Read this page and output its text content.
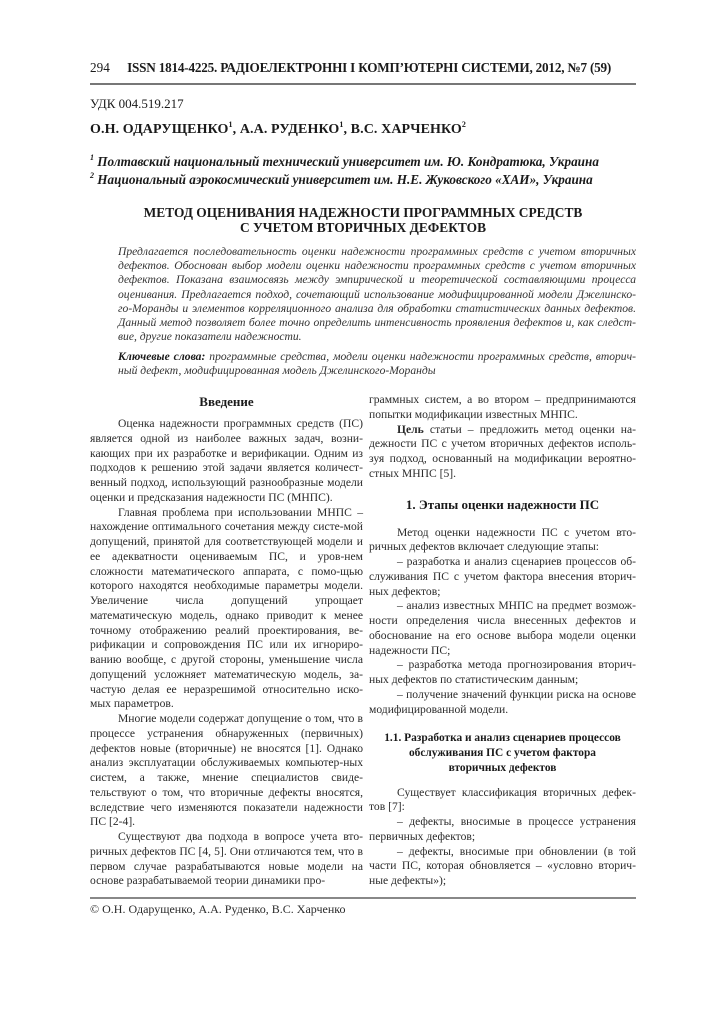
294 ISSN 1814-4225. РАДІОЕЛЕКТРОННІ І КОМП’ЮТЕРНІ СИСТЕМИ, 2012, №7 (59)
УДК 004.519.217
О.Н. ОДАРУЩЕНКО$^1$, А.А. РУДЕНКО$^1$, В.С. ХАРЧЕНКО$^2$
$^1$ Полтавский национальный технический университет им. Ю. Кондратюка, Украина
$^2$ Национальный аэрокосмический университет им. Н.Е. Жуковского «ХАИ», Украина
МЕТОД ОЦЕНИВАНИЯ НАДЕЖНОСТИ ПРОГРАММНЫХ СРЕДСТВ
С УЧЕТОМ ВТОРИЧНЫХ ДЕФЕКТОВ
Предлагается последовательность оценки надежности программных средств с учетом вторичных дефектов. Обоснован выбор модели оценки надежности программных средств с учетом вторичных дефектов. Показана взаимосвязь между эмпирической и теоретической составляющими процесса оценивания. Предлагается подход, сочетающий использование модифицированной модели Джелинско-го-Моранды и элементов корреляционного анализа для обработки статистических данных дефектов. Данный метод позволяет более точно определить интенсивность проявления дефектов и, как следст-вие, другие показатели надежности.
Ключевые слова: программные средства, модели оценки надежности программных средств, вторич-ный дефект, модифицированная модель Джелинского-Моранды
Введение

Оценка надежности программных средств (ПС) является одной из наиболее важных задач, возни-кающих при их разработке и верификации. Одним из подходов к решению этой задачи является количест-венный подход, использующий разнообразные модели оценки и предсказания надежности ПС (МНПС).

Главная проблема при использовании МНПС – нахождение оптимального сочетания между систе-мой допущений, принятой для соответствующей модели и ее адекватности оцениваемым ПС, и уров-нем сложности математического аппарата, с помо-щью которого находятся необходимые параметры модели. Увеличение числа допущений упрощает математическую модель, однако приводит к менее точному отображению реалий проектирования, ве-рификации и сопровождения ПС или их игнориро-ванию вообще, с другой стороны, уменьшение числа допущений усложняет математическую модель, за-частую делая ее неразрешимой относительно иско-мых параметров.

Многие модели содержат допущение о том, что в процессе устранения обнаруженных (первичных) дефектов новые (вторичные) не вносятся [1]. Однако анализ эксплуатации обслуживаемых компьютер-ных систем, а также, мнение специалистов свиде-тельствуют о том, что вторичные дефекты вносятся, вследствие чего изменяются показатели надежности ПС [2-4].

Существуют два подхода в вопросе учета вто-ричных дефектов ПС [4, 5]. Они отличаются тем, что в первом случае разрабатываются новые модели на основе разрабатываемой теории динамики про-

граммных систем, а во втором – предпринимаются попытки модификации известных МНПС.

Цель статьи – предложить метод оценки на-дежности ПС с учетом вторичных дефектов исполь-зуя подход, основанный на модификации вероятно-стных МНПС [5].

1. Этапы оценки надежности ПС

Метод оценки надежности ПС с учетом вто-ричных дефектов включает следующие этапы:

– разработка и анализ сценариев процессов об-служивания ПС с учетом фактора внесения вторич-ных дефектов;

– анализ известных МНПС на предмет возмож-ности определения числа внесенных дефектов и обоснование на его основе выбора модели оценки надежности ПС;

– разработка метода прогнозирования вторич-ных дефектов по статистическим данным;

– получение значений функции риска на основе модифицированной модели.

1.1. Разработка и анализ сценариев процессов
обслуживания ПС с учетом фактора
вторичных дефектов

Существует классификация вторичных дефек-тов [7]:

– дефекты, вносимые в процессе устранения первичных дефектов;

– дефекты, вносимые при обновлении (в той части ПС, которая обновляется – «условно вторич-ные дефекты»);

© О.Н. Одарущенко, А.А. Руденко, В.С. Харченко
